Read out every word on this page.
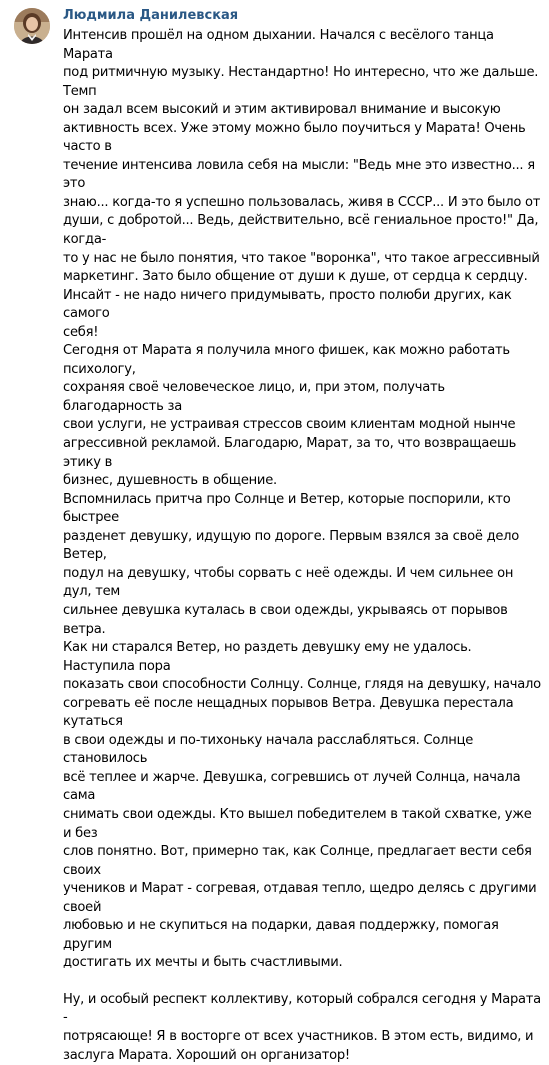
Людмила Данилевская

Интенсив прошёл на одном дыхании. Начался с весёлого танца Марата
под ритмичную музыку. Нестандартно! Но интересно, что же дальше. Темп
он задал всем высокий и этим активировал внимание и высокую
активность всех. Уже этому можно было поучиться у Марата! Очень часто в
течение интенсива ловила себя на мысли: "Ведь мне это известно... я это
знаю... когда-то я успешно пользовалась, живя в СССР... И это было от
души, с добротой... Ведь, действительно, всё гениальное просто!" Да, когда-
то у нас не было понятия, что такое "воронка", что такое агрессивный
маркетинг. Зато было общение от души к душе, от сердца к сердцу.
Инсайт - не надо ничего придумывать, просто полюби других, как самого
себя!

Сегодня от Марата я получила много фишек, как можно работать психологу,
сохраняя своё человеческое лицо, и, при этом, получать благодарность за
свои услуги, не устраивая стрессов своим клиентам модной нынче
агрессивной рекламой. Благодарю, Марат, за то, что возвращаешь этику в
бизнес, душевность в общение.

Вспомнилась притча про Солнце и Ветер, которые поспорили, кто быстрее
разденет девушку, идущую по дороге. Первым взялся за своё дело Ветер,
подул на девушку, чтобы сорвать с неё одежды. И чем сильнее он дул, тем
сильнее девушка куталась в свои одежды, укрываясь от порывов ветра.
Как ни старался Ветер, но раздеть девушку ему не удалось. Наступила пора
показать свои способности Солнцу. Солнце, глядя на девушку, начало
согревать её после нещадных порывов Ветра. Девушка перестала кутаться
в свои одежды и по-тихоньку начала расслабляться. Солнце становилось
всё теплее и жарче. Девушка, согревшись от лучей Солнца, начала сама
снимать свои одежды. Кто вышел победителем в такой схватке, уже и без
слов понятно. Вот, примерно так, как Солнце, предлагает вести себя своих
учеников и Марат - согревая, отдавая тепло, щедро делясь с другими своей
любовью и не скупиться на подарки, давая поддержку, помогая другим
достигать их мечты и быть счастливыми.

Ну, и особый респект коллективу, который собрался сегодня у Марата -
потрясающе! Я в восторге от всех участников. В этом есть, видимо, и
заслуга Марата. Хороший он организатор!
